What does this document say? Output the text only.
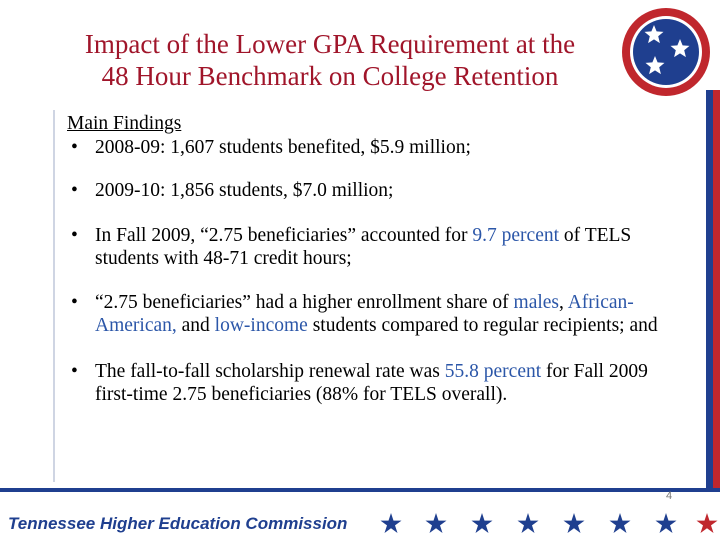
Impact of the Lower GPA Requirement at the
48 Hour Benchmark on College Retention
Main Findings
• 2008-09: 1,607 students benefited, $5.9 million;
• 2009-10: 1,856 students, $7.0 million;
• In Fall 2009, “2.75 beneficiaries” accounted for 9.7 percent of TELS students with 48-71 credit hours;
• “2.75 beneficiaries” had a higher enrollment share of males, African-American, and low-income students compared to regular recipients; and
• The fall-to-fall scholarship renewal rate was 55.8 percent for Fall 2009 first-time 2.75 beneficiaries (88% for TELS overall).
4
Tennessee Higher Education Commission
